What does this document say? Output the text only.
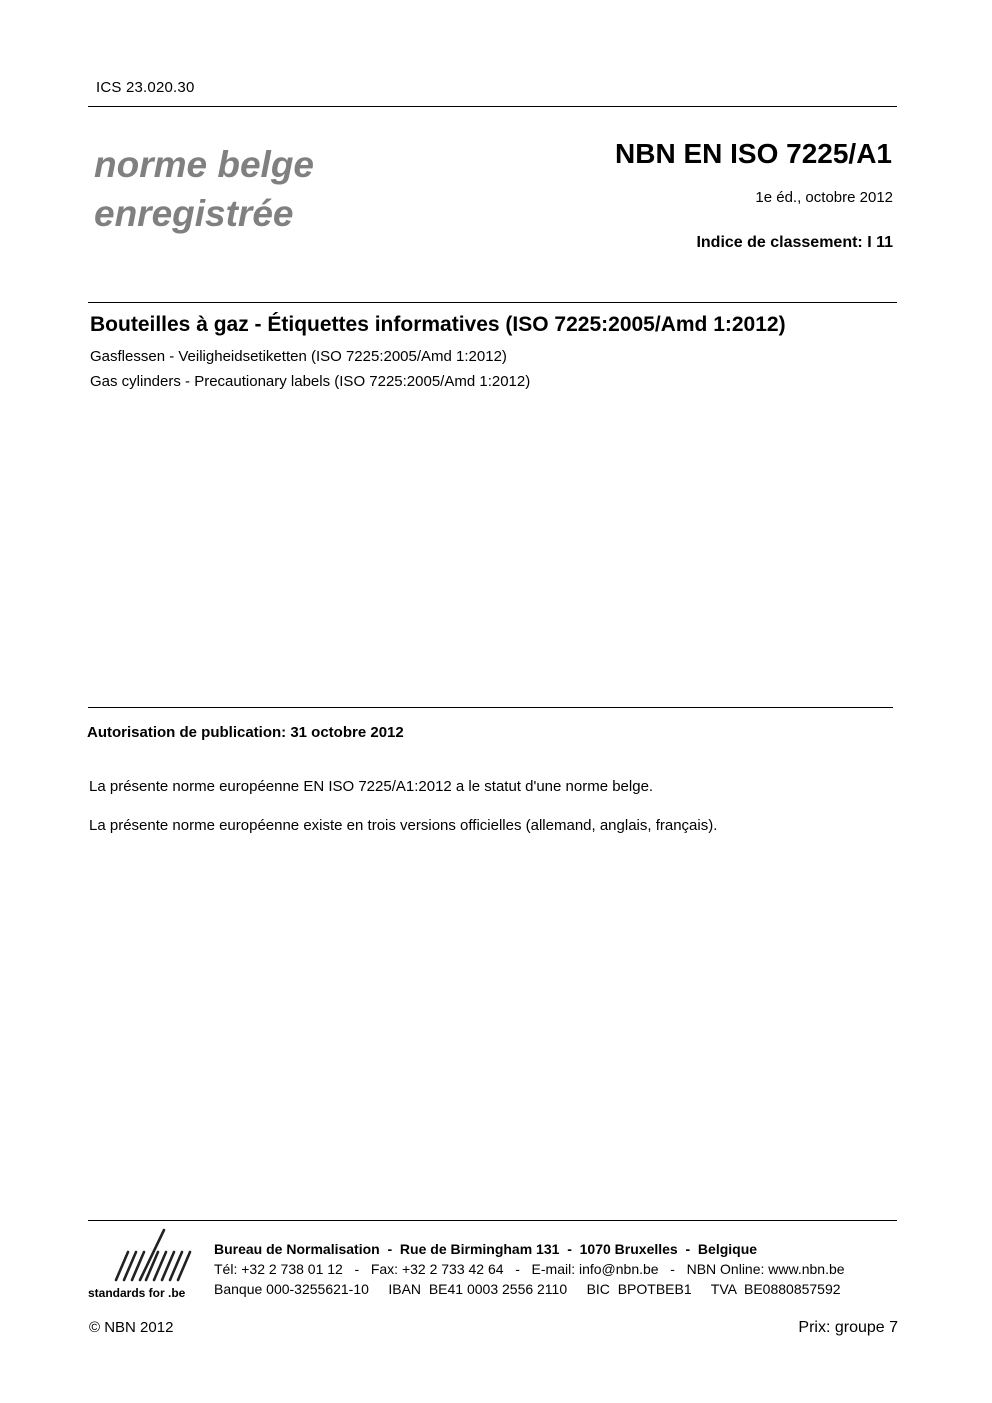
ICS 23.020.30
norme belge
enregistrée
NBN EN ISO 7225/A1
1e éd., octobre 2012
Indice de classement: I 11
Bouteilles à gaz - Étiquettes informatives (ISO 7225:2005/Amd 1:2012)
Gasflessen - Veiligheidsetiketten (ISO 7225:2005/Amd 1:2012)
Gas cylinders - Precautionary labels (ISO 7225:2005/Amd 1:2012)
Autorisation de publication: 31 octobre 2012
La présente norme européenne EN ISO 7225/A1:2012 a le statut d'une norme belge.
La présente norme européenne existe en trois versions officielles (allemand, anglais, français).
standards for .be
Bureau de Normalisation  -  Rue de Birmingham 131  -  1070 Bruxelles  -  Belgique
Tél: +32 2 738 01 12   -   Fax: +32 2 733 42 64   -   E-mail: info@nbn.be   -   NBN Online: www.nbn.be
Banque 000-3255621-10     IBAN  BE41 0003 2556 2110     BIC  BPOTBEB1     TVA  BE0880857592
© NBN 2012	Prix: groupe 7
